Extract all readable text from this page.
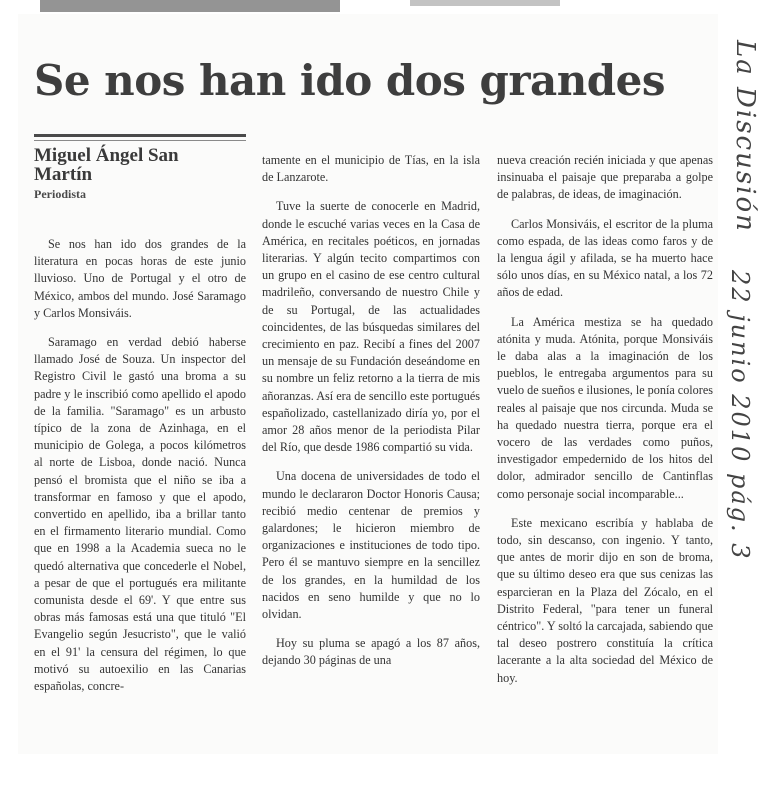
Se nos han ido dos grandes
Miguel Ángel San Martín
Periodista

Se nos han ido dos grandes de la literatura en pocas horas de este junio lluvioso. Uno de Portugal y el otro de México, ambos del mundo. José Saramago y Carlos Monsiváis.

Saramago en verdad debió haberse llamado José de Souza. Un inspector del Registro Civil le gastó una broma a su padre y le inscribió como apellido el apodo de la familia. "Saramago" es un arbusto típico de la zona de Azinhaga, en el municipio de Golega, a pocos kilómetros al norte de Lisboa, donde nació. Nunca pensó el bromista que el niño se iba a transformar en famoso y que el apodo, convertido en apellido, iba a brillar tanto en el firmamento literario mundial. Como que en 1998 a la Academia sueca no le quedó alternativa que concederle el Nobel, a pesar de que el portugués era militante comunista desde el 69'. Y que entre sus obras más famosas está una que tituló "El Evangelio según Jesucristo", que le valió en el 91' la censura del régimen, lo que motivó su autoexilio en las Canarias españolas, concre-

tamente en el municipio de Tías, en la isla de Lanzarote.

Tuve la suerte de conocerle en Madrid, donde le escuché varias veces en la Casa de América, en recitales poéticos, en jornadas literarias. Y algún tecito compartimos con un grupo en el casino de ese centro cultural madrileño, conversando de nuestro Chile y de su Portugal, de las actualidades coincidentes, de las búsquedas similares del crecimiento en paz. Recibí a fines del 2007 un mensaje de su Fundación deseándome en su nombre un feliz retorno a la tierra de mis añoranzas. Así era de sencillo este portugués españolizado, castellanizado diría yo, por el amor 28 años menor de la periodista Pilar del Río, que desde 1986 compartió su vida.

Una docena de universidades de todo el mundo le declararon Doctor Honoris Causa; recibió medio centenar de premios y galardones; le hicieron miembro de organizaciones e instituciones de todo tipo. Pero él se mantuvo siempre en la sencillez de los grandes, en la humildad de los nacidos en seno humilde y que no lo olvidan.

Hoy su pluma se apagó a los 87 años, dejando 30 páginas de una

nueva creación recién iniciada y que apenas insinuaba el paisaje que preparaba a golpe de palabras, de ideas, de imaginación.

Carlos Monsiváis, el escritor de la pluma como espada, de las ideas como faros y de la lengua ágil y afilada, se ha muerto hace sólo unos días, en su México natal, a los 72 años de edad.

La América mestiza se ha quedado atónita y muda. Atónita, porque Monsiváis le daba alas a la imaginación de los pueblos, le entregaba argumentos para su vuelo de sueños e ilusiones, le ponía colores reales al paisaje que nos circunda. Muda se ha quedado nuestra tierra, porque era el vocero de las verdades como puños, investigador empedernido de los hitos del dolor, admirador sencillo de Cantinflas como personaje social incomparable...

Este mexicano escribía y hablaba de todo, sin descanso, con ingenio. Y tanto, que antes de morir dijo en son de broma, que su último deseo era que sus cenizas las esparcieran en la Plaza del Zócalo, en el Distrito Federal, "para tener un funeral céntrico". Y soltó la carcajada, sabiendo que tal deseo postrero constituía la crítica lacerante a la alta sociedad del México de hoy.

La Discusión
22 junio 2010 pág. 3
